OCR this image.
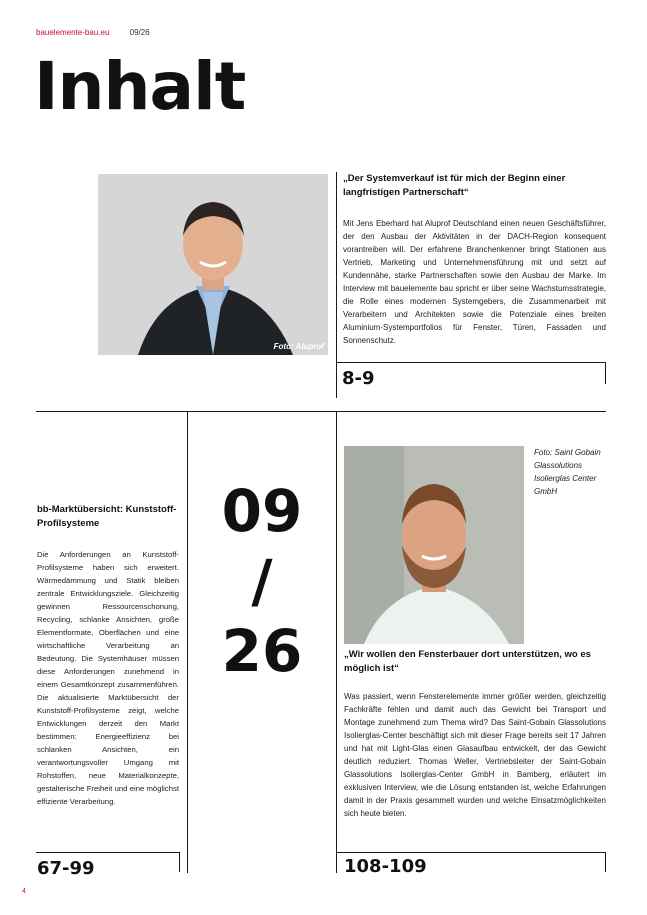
bauelemente-bau.eu	09/26
Inhalt
Foto: Aluprof
„Der Systemverkauf ist für mich der Beginn einer langfristigen Partnerschaft“
Mit Jens Eberhard hat Aluprof Deutschland einen neuen Geschäftsführer, der den Ausbau der Aktivitäten in der DACH-Region konsequent vorantreiben will. Der erfahrene Branchenkenner bringt Stationen aus Vertrieb, Marketing und Unternehmensführung mit und setzt auf Kundennähe, starke Partnerschaften sowie den Ausbau der Marke. Im Interview mit bauelemente bau spricht er über seine Wachstumsstrategie, die Rolle eines modernen Systemgebers, die Zusammenarbeit mit Verarbeitern und Architekten sowie die Potenziale eines breiten Aluminium-Systemportfolios für Fenster, Türen, Fassaden und Sonnenschutz.
8-9
bb-Marktübersicht: Kunststoff-Profilsysteme
Die Anforderungen an Kunststoff-Profilsysteme haben sich erweitert. Wärmedämmung und Statik bleiben zentrale Entwicklungsziele. Gleichzeitig gewinnen Ressourcenschonung, Recycling, schlanke Ansichten, große Elementformate, Oberflächen und eine wirtschaftliche Verarbeitung an Bedeutung. Die Systemhäuser müssen diese Anforderungen zunehmend in einem Gesamtkonzept zusammenführen. Die aktualisierte Marktübersicht der Kunststoff-Profilsysteme zeigt, welche Entwicklungen derzeit den Markt bestimmen: Energieeffizienz bei schlanken Ansichten, ein verantwortungsvoller Umgang mit Rohstoffen, neue Materialkonzepte, gestalterische Freiheit und eine möglichst effiziente Verarbeitung.
67-99
09
/
26
Foto: Saint Gobain Glassolutions Isolierglas Center GmbH
„Wir wollen den Fensterbauer dort unterstützen, wo es möglich ist“
Was passiert, wenn Fensterelemente immer größer werden, gleichzeitig Fachkräfte fehlen und damit auch das Gewicht bei Transport und Montage zunehmend zum Thema wird? Das Saint-Gobain Glassolutions Isolierglas-Center beschäftigt sich mit dieser Frage bereits seit 17 Jahren und hat mit Light-Glas einen Glasaufbau entwickelt, der das Gewicht deutlich reduziert. Thomas Weller, Vertriebsleiter der Saint-Gobain Glassolutions Isolierglas-Center GmbH in Bamberg, erläutert im exklusiven Interview, wie die Lösung entstanden ist, welche Erfahrungen damit in der Praxis gesammelt wurden und welche Einsatzmöglichkeiten sich heute bieten.
108-109
4
